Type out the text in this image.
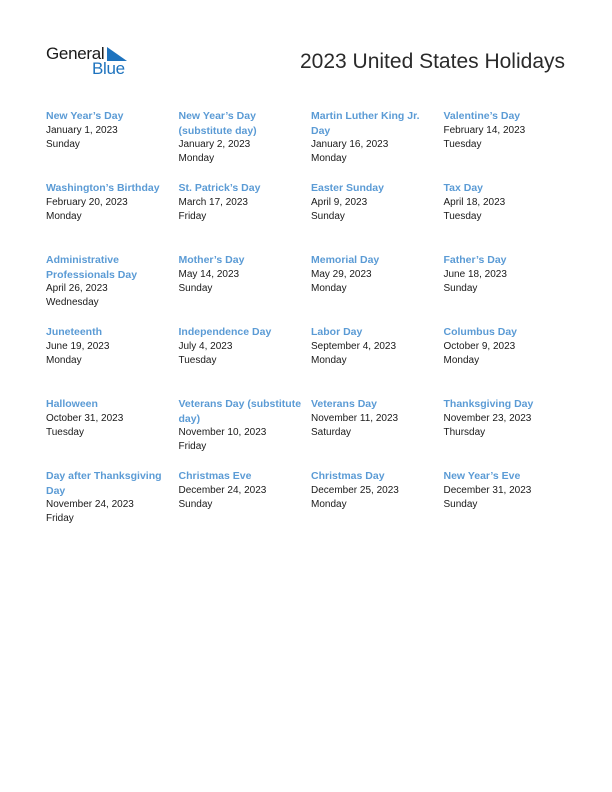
General
Blue	2023 United States Holidays
New Year’s Day
January 1, 2023
Sunday
New Year’s Day (substitute day)
January 2, 2023
Monday
Martin Luther King Jr. Day
January 16, 2023
Monday
Valentine’s Day
February 14, 2023
Tuesday
Washington’s Birthday
February 20, 2023
Monday
St. Patrick’s Day
March 17, 2023
Friday
Easter Sunday
April 9, 2023
Sunday
Tax Day
April 18, 2023
Tuesday
Administrative Professionals Day
April 26, 2023
Wednesday
Mother’s Day
May 14, 2023
Sunday
Memorial Day
May 29, 2023
Monday
Father’s Day
June 18, 2023
Sunday
Juneteenth
June 19, 2023
Monday
Independence Day
July 4, 2023
Tuesday
Labor Day
September 4, 2023
Monday
Columbus Day
October 9, 2023
Monday
Halloween
October 31, 2023
Tuesday
Veterans Day (substitute day)
November 10, 2023
Friday
Veterans Day
November 11, 2023
Saturday
Thanksgiving Day
November 23, 2023
Thursday
Day after Thanksgiving Day
November 24, 2023
Friday
Christmas Eve
December 24, 2023
Sunday
Christmas Day
December 25, 2023
Monday
New Year’s Eve
December 31, 2023
Sunday
